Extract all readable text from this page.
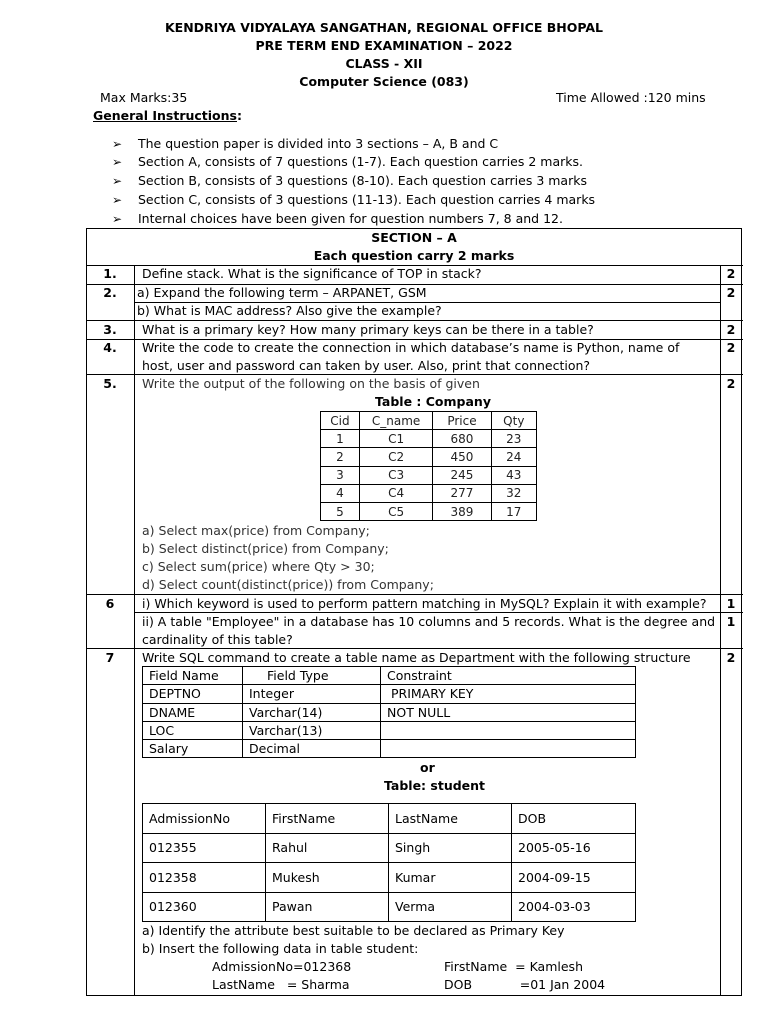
KENDRIYA VIDYALAYA SANGATHAN, REGIONAL OFFICE BHOPAL
PRE TERM END EXAMINATION – 2022
CLASS - XII
Computer Science (083)
Max Marks:35	Time Allowed :120 mins
General Instructions:
➢ The question paper is divided into 3 sections – A, B and C
➢ Section A, consists of 7 questions (1-7). Each question carries 2 marks.
➢ Section B, consists of 3 questions (8-10). Each question carries 3 marks
➢ Section C, consists of 3 questions (11-13). Each question carries 4 marks
➢ Internal choices have been given for question numbers 7, 8 and 12.
SECTION – A
Each question carry 2 marks
1.	Define stack. What is the significance of TOP in stack?	2
2.	a) Expand the following term – ARPANET, GSM
b) What is MAC address? Also give the example?
2
3.	What is a primary key? How many primary keys can be there in a table?	2
4.	Write the code to create the connection in which database’s name is Python, name of
host, user and password can taken by user. Also, print that connection?
2
5.	Write the output of the following on the basis of given	2
Table : Company
Cid	C_name	Price	Qty
1	C1	680	23
2	C2	450	24
3	C3	245	43
4	C4	277	32
5	C5	389	17
a) Select max(price) from Company;
b) Select distinct(price) from Company;
c) Select sum(price) where Qty > 30;
d) Select count(distinct(price)) from Company;
6	i) Which keyword is used to perform pattern matching in MySQL? Explain it with example?	1
ii) A table "Employee" in a database has 10 columns and 5 records. What is the degree and
cardinality of this table?
1
7	Write SQL command to create a table name as Department with the following structure	2
Field Name	Field Type	Constraint
DEPTNO	Integer	PRIMARY KEY
DNAME	Varchar(14)	NOT NULL
LOC	Varchar(13)	
Salary	Decimal	
or
Table: student
AdmissionNo	FirstName	LastName	DOB
012355	Rahul	Singh	2005-05-16
012358	Mukesh	Kumar	2004-09-15
012360	Pawan	Verma	2004-03-03
a) Identify the attribute best suitable to be declared as Primary Key
b) Insert the following data in table student:
AdmissionNo=012368	FirstName  = Kamlesh
LastName   = Sharma	DOB            =01 Jan 2004
